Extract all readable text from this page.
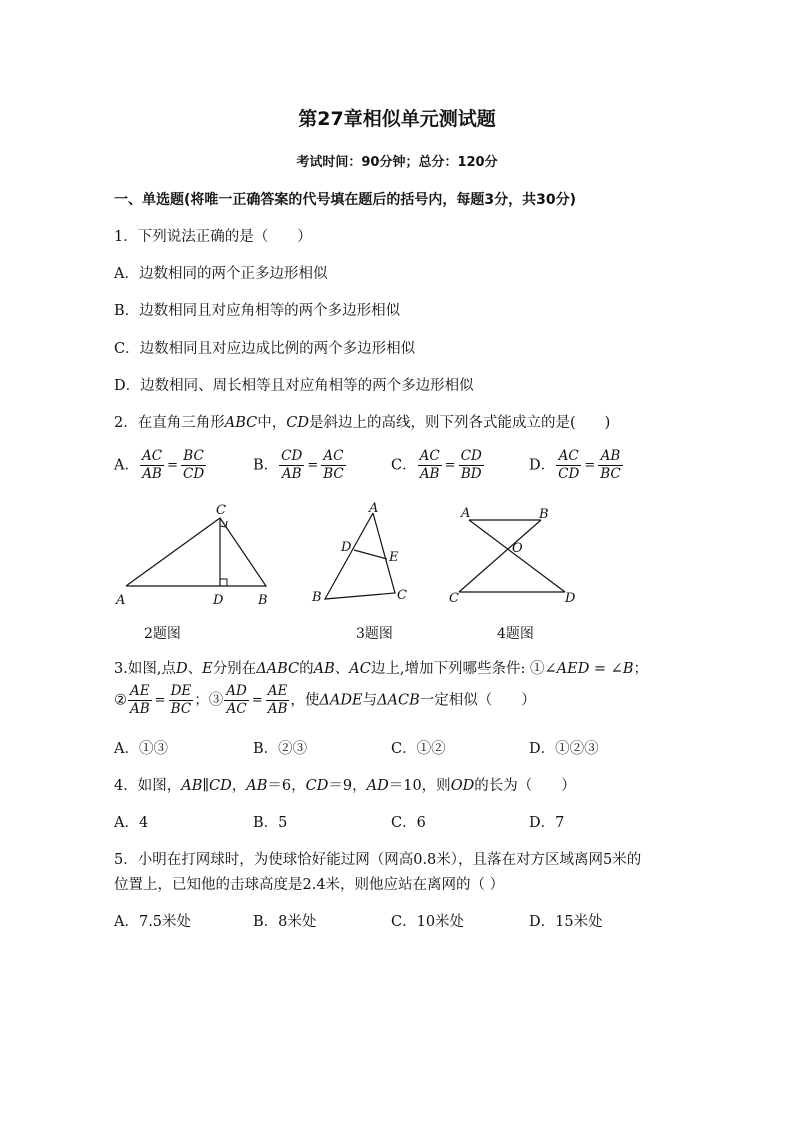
第27章相似单元测试题
考试时间：90分钟；总分：120分
一、单选题(将唯一正确答案的代号填在题后的括号内，每题3分，共30分)
1．下列说法正确的是（　　）
A．边数相同的两个正多边形相似
B．边数相同且对应角相等的两个多边形相似
C．边数相同且对应边成比例的两个多边形相似
D．边数相同、周长相等且对应角相等的两个多边形相似
2．在直角三角形ABC中，CD是斜边上的高线，则下列各式能成立的是(　　)
A． $\frac{AC}{AB} = \frac{BC}{CD}$	B． $\frac{CD}{AB} = \frac{AC}{BC}$	C． $\frac{AC}{AB} = \frac{CD}{BD}$	D． $\frac{AC}{CD} = \frac{AB}{BC}$
C
A	D	B
A
D
E
B	C
A	B
O
C	D
2题图	3题图	4题图
3.如图,点D、E分别在ΔABC的AB、AC边上,增加下列哪些条件: ①∠AED = ∠B；
② $\frac{AE}{AB} = \frac{DE}{BC}$ ；③ $\frac{AD}{AC} = \frac{AE}{AB}$ ，使ΔADE与ΔACB一定相似（　　）
A．①③	B．②③	C．①②	D．①②③
4．如图，AB∥CD，AB＝6，CD＝9，AD＝10，则OD的长为（　　）
A．4	B．5	C．6	D．7
5．小明在打网球时，为使球恰好能过网（网高0.8米），且落在对方区域离网5米的
位置上，已知他的击球高度是2.4米，则他应站在离网的（ ）
A．7.5米处	B．8米处	C．10米处	D．15米处
